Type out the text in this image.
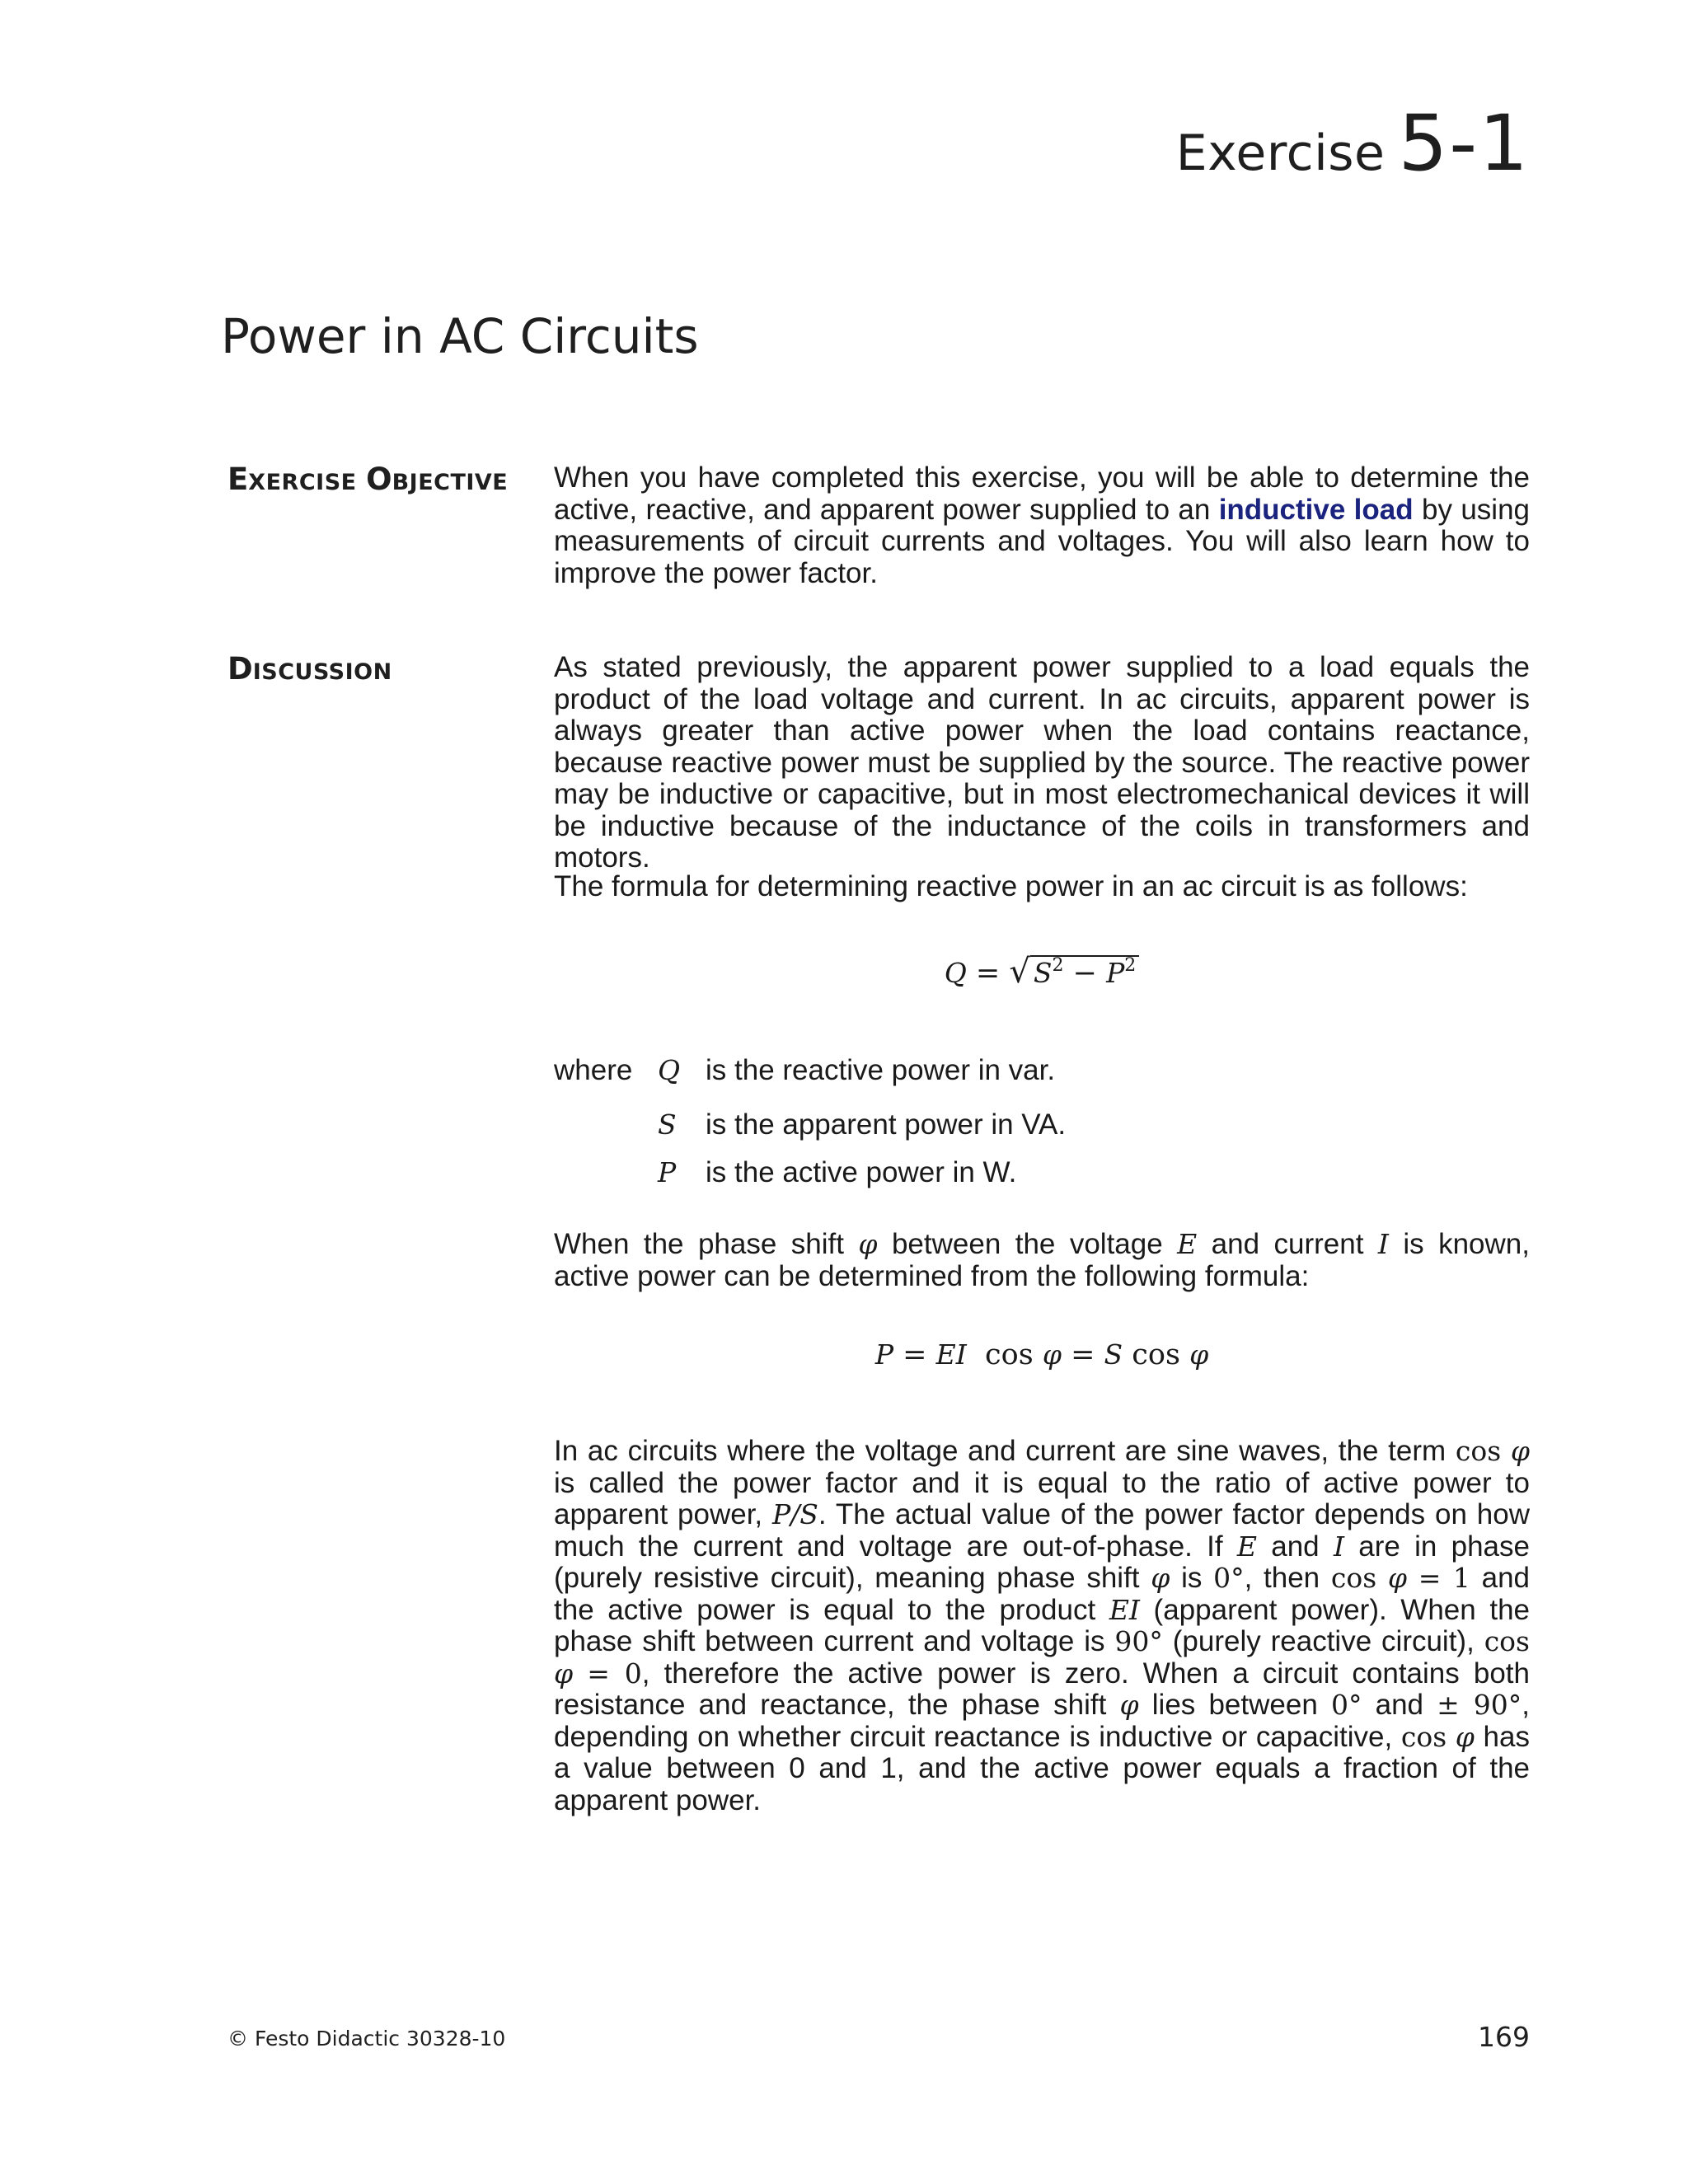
Exercise 5-1
Power in AC Circuits
EXERCISE OBJECTIVE When you have completed this exercise, you will be able to determine the active, reactive, and apparent power supplied to an inductive load by using measurements of circuit currents and voltages. You will also learn how to improve the power factor.

DISCUSSION	As stated previously, the apparent power supplied to a load equals the product of the load voltage and current. In ac circuits, apparent power is always greater than active power when the load contains reactance, because reactive power must be supplied by the source. The reactive power may be inductive or capacitive, but in most electromechanical devices it will be inductive because of the inductance of the coils in transformers and motors.

The formula for determining reactive power in an ac circuit is as follows:

Q = √ $S^2 - P^2$
where Q is the reactive power in var.
S is the apparent power in VA.
P is the active power in W.

When the phase shift φ between the voltage E and current I is known, active power can be determined from the following formula:

P = EI cos φ = S cos φ

In ac circuits where the voltage and current are sine waves, the term cos φ is called the power factor and it is equal to the ratio of active power to apparent power, P/S. The actual value of the power factor depends on how much the current and voltage are out-of-phase. If E and I are in phase (purely resistive circuit), meaning phase shift φ is 0°, then cos φ = 1 and the active power is equal to the product EI (apparent power). When the phase shift between current and voltage is 90° (purely reactive circuit), cos φ = 0, therefore the active power is zero. When a circuit contains both resistance and reactance, the phase shift φ lies between 0° and ± 90°, depending on whether circuit reactance is inductive or capacitive, cos φ has a value between 0 and 1, and the active power equals a fraction of the apparent power.

© Festo Didactic 30328-10	169
